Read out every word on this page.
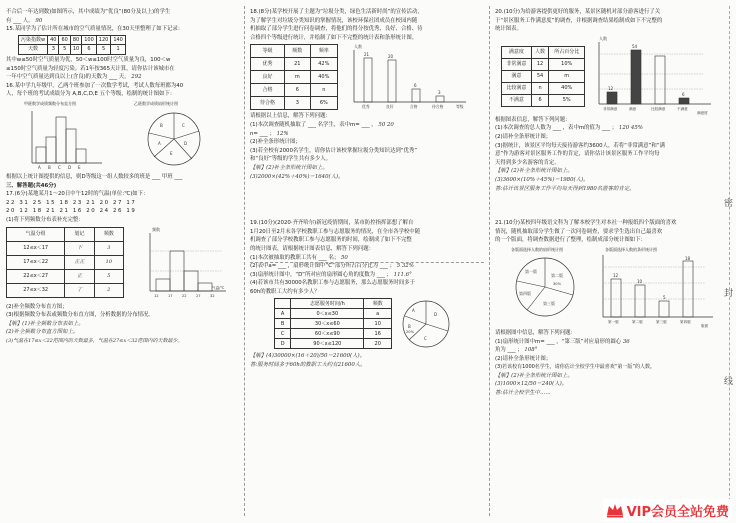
不合后一年达到数)如图所示，其中成绩为“优良”(80分及以上)的学生

有 ___ 人。 90

15.某同学为了估计所在城市的空气质量情况，在30天里整理了如下记录：

污染指数w	40	60	80	100	120	140
天数	3	5	10	6	5	1

其中w≤50时空气质量为优，50＜w≤100时空气质量为良，100＜w

≤150时空气质量为轻度污染。若1年按365天计算，请你估计该城市在

一年中空气质量达到良以上(含良)的天数为 ___ 天。 292

16.某中学九年级甲，乙两个班参加了一次数学考试，考试人数每班都为40

人，每个班的考试成绩分为 A,B,C,D,E 五个等级，绘制的统计图如下：

甲班数学成绩频数分布直方图
A B C D E
乙班数学成绩扇形统计图
C
D
E
A
B

根据以上统计图提供的信息，则D等级这一组人数较多的班是 ___ 甲班 ___

三、解答题(共46分)

17.(6分)某地某月1～20日中午12时的气温(单位:℃)如下：

22 31 25 15 18 23 21 20 27 17

20 12 18 21 21 16 20 24 26 19

(1)将下列频数分布表补充完整：

气温分组	划记	频数
12≤x＜17	下	3
17≤x＜22	正正	10
22≤x＜27	正	5
27≤x＜32	丁	2
频数
12	17	22	27	32
气温/℃

(2)补全频数分布直方图；

(3)根据频数分布表或频数分布直方图，分析数据的分布情况。

【解】(1)补全频数分布表如上。

(2)补全频数分布直方图如上。

(3)气温在17≤x＜22范围内的天数最多，气温在27≤x＜32范围内的天数最少。

18.(8分)某学校开展了主题为“垃圾分类，绿色生活新时尚”的宣传活动，

为了解学生对垃圾分类知识的掌握情况，该校环保社团成员在校园内随

机抽取了部分学生进行问卷调查，将他们的得分按优秀、良好、合格、待

合格四个等级进行统计，并绘制了如下不完整的统计表和条形统计图。

等级	频数	频率
优秀	21	42%
良好	m	40%
合格	6	n
待合格	3	6%
人数
21	20
6
3
优秀	良好	合格	待合格	等级

请根据以上信息，解答下列问题：

(1)本次调查随机抽取了 ___ 名学生，表中m= ___ ， 50 20

n= ___ ； 12%

(2)补全条形统计图；

(3)若全校有2000名学生，请你估计该校掌握垃圾分类知识达到“优秀”

和“良好”等级的学生共有多少人。

【解】(2)补全条形统计图如上。

(3)2000×(42%＋40%)＝1640(人)。

19.(10分)(2020·齐齐哈尔)新冠疫情期间，某市防控指挥部想了解自

1月20日至2月末各学校教职工参与志愿服务的情况，在全市各学校中随

机调查了部分学校教职工参与志愿服务的时间，绘制成了如下不完整

的统计图表，请根据统计图表信息，解答下列问题：

(1)本次被抽取的教职工共有 ___ 名； 50

(2)表中a= ___ ，扇形统计图中“C”部分所占百分比为 ___ ； 5 32%

(3)扇形统计图中，“D”所对应的扇形圆心角的度数为 ___ ； 111.6°

(4)若该市共有30000名教职工参与志愿服务，那么志愿服务时间多于

60h的教职工大约有多少人？

	志愿服务时间/h	频数
A	0＜x≤30	a
B	30＜x≤60	10
C	60＜x≤90	16
D	90＜x≤120	20
A
B
C
D
20%

【解】(4)30000×(16＋20)/50＝21600(人)。

答:服务时间多于60h的教职工大约有21600人。

20.(10分)为给游客提供更好的服务，某景区随机对部分游客进行了关

于“景区服务工作满意度”的调查，并根据调查结果绘制成如下不完整的

统计图表。

满意度	人数	所占百分比
非常满意	12	10%
满意	54	m
比较满意	n	40%
不满意	6	5%
人数
12
54
6
非常满意	满意	比较满意	不满意
满意度

根据图表信息，解答下列问题：

(1)本次调查的总人数为 ___ ，表中m的值为 ___ ； 120 45%

(2)请补全条形统计图；

(3)据统计，该景区平均每天接待游客约3600人，若将“非常满意”和“满

意”作为游客对景区服务工作的肯定，请你估计该景区服务工作平均每

天得到多少名游客的肯定。

【解】(2)补全条形统计图如上。

(3)3600×(10%＋45%)＝1980(人)。

答:估计该景区服务工作平均每天得到1980名游客的肯定。

21.(10分)某校四年级语文科为了解本校学生对本社一种报纸四个版面的喜欢

情况，随机抽取部分学生做了一次问卷调查，要求学生选出自己最喜欢

的一个版面，将调查数据进行了整理，绘制成部分统计图如下：

各版面选择人数的扇形统计图
第一版
第二版
第三版
第四版
30%
各版面选择人数的条形统计图
12
10
5
18
第一版	第二版	第三版	第四版
版面

请根据图中信息，解答下列问题：

(1)扇形统计图中m= ___ ，“第三版”对应扇形的圆心 36

角为 ___ ； 108°

(2)请补全条形统计图；

(3)若该校有1000名学生，请你估计全校学生中最喜欢“第一版”的人数。

【解】(2)补全条形统计图如上。

(3)1000×12/50＝240(人)。

答:估计全校学生中……

密
封
线
VIP会员全站免费
